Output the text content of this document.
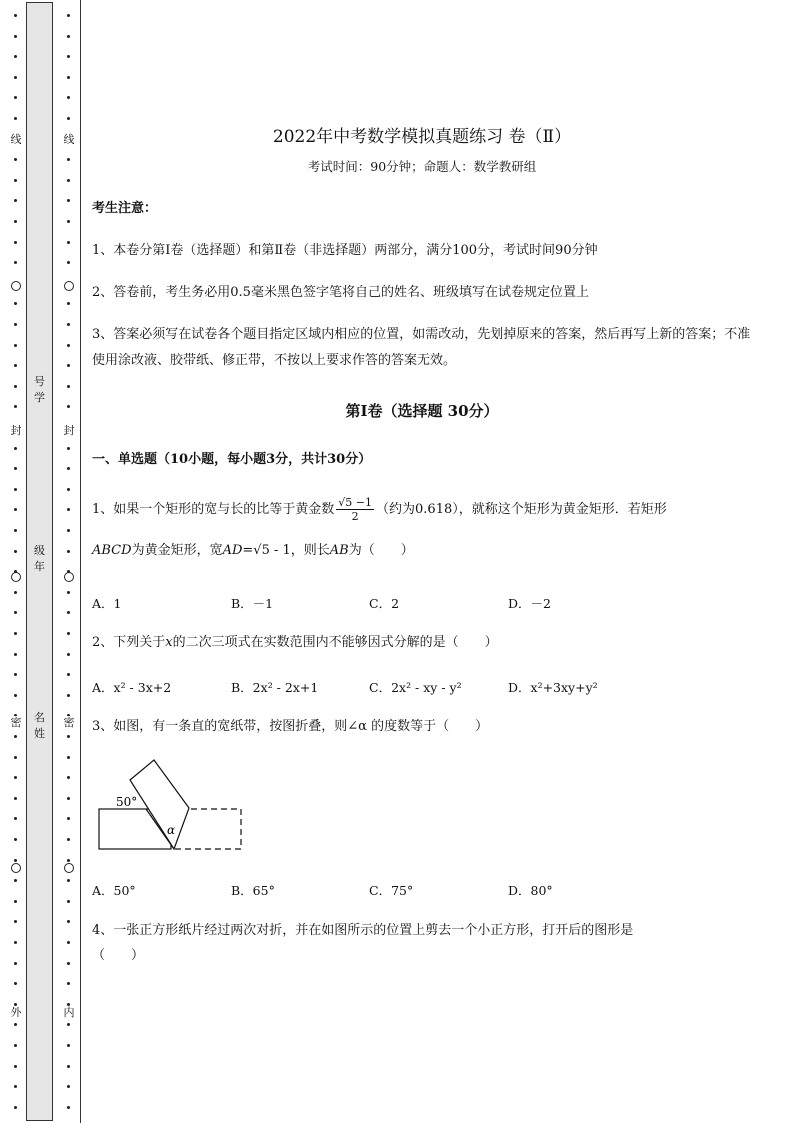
线
封
密
外
线
封
密
内
号
学
级
年
名
姓
2022年中考数学模拟真题练习 卷（Ⅱ）
考试时间：90分钟；命题人：数学教研组
考生注意：
1、本卷分第I卷（选择题）和第Ⅱ卷（非选择题）两部分，满分100分，考试时间90分钟
2、答卷前，考生务必用0.5毫米黑色签字笔将自己的姓名、班级填写在试卷规定位置上
3、答案必须写在试卷各个题目指定区域内相应的位置，如需改动，先划掉原来的答案，然后再写上新的答案；不准使用涂改液、胶带纸、修正带，不按以上要求作答的答案无效。
第I卷（选择题 30分）
一、单选题（10小题，每小题3分，共计30分）
1、如果一个矩形的宽与长的比等于黄金数 $\frac{√5 -1}{2}$ （约为0.618），就称这个矩形为黄金矩形．若矩形
ABCD为黄金矩形，宽AD=√5 - 1，则长AB为（　　）
A．1	B．－1	C．2	D．－2
2、下列关于x的二次三项式在实数范围内不能够因式分解的是（　　）
A．x² - 3x+2	B．2x² - 2x+1	C．2x² - xy - y²	D．x²+3xy+y²
3、如图，有一条直的宽纸带，按图折叠，则∠α 的度数等于（　　）
50°
α
A．50°	B．65°	C．75°	D．80°
4、一张正方形纸片经过两次对折，并在如图所示的位置上剪去一个小正方形，打开后的图形是
（　　）
